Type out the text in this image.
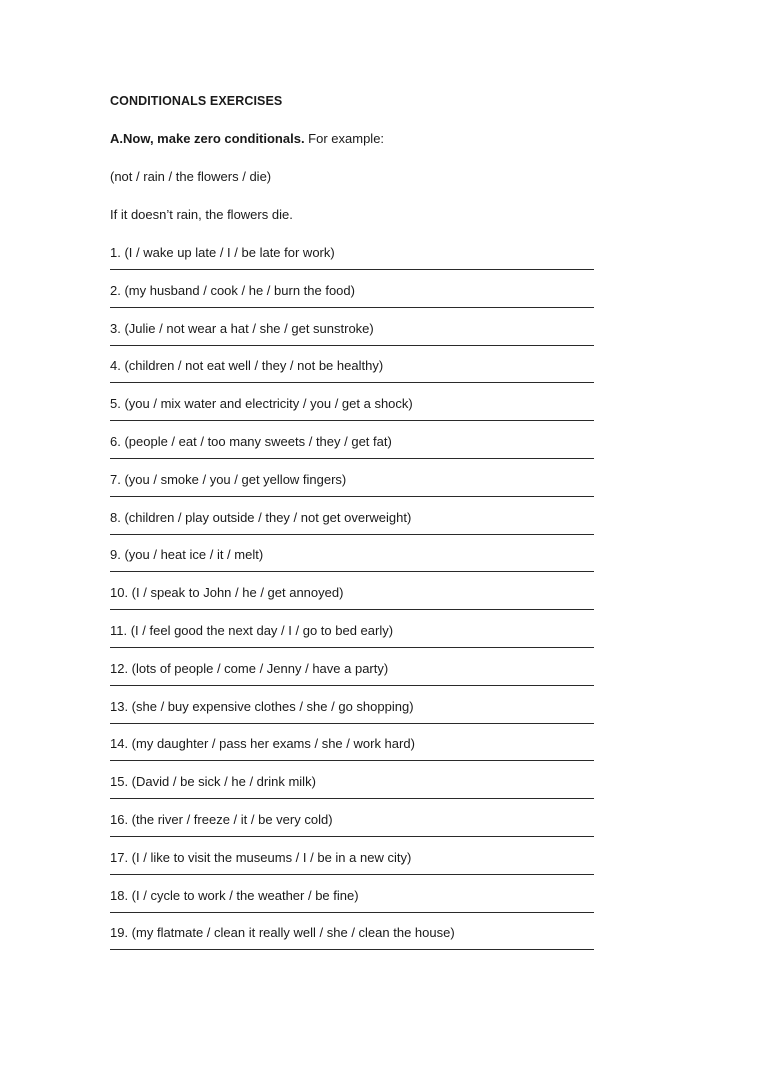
CONDITIONALS EXERCISES
A.Now, make zero conditionals. For example:
(not / rain / the flowers / die)
If it doesn’t rain, the flowers die.
1. (I / wake up late / I / be late for work)
2. (my husband / cook / he / burn the food)
3. (Julie / not wear a hat / she / get sunstroke)
4. (children / not eat well / they / not be healthy)
5. (you / mix water and electricity / you / get a shock)
6. (people / eat / too many sweets / they / get fat)
7. (you / smoke / you / get yellow fingers)
8. (children / play outside / they / not get overweight)
9. (you / heat ice / it / melt)
10. (I / speak to John / he / get annoyed)
11. (I / feel good the next day / I / go to bed early)
12. (lots of people / come / Jenny / have a party)
13. (she / buy expensive clothes / she / go shopping)
14. (my daughter / pass her exams / she / work hard)
15. (David / be sick / he / drink milk)
16. (the river / freeze / it / be very cold)
17. (I / like to visit the museums / I / be in a new city)
18. (I / cycle to work / the weather / be fine)
19. (my flatmate / clean it really well / she / clean the house)
